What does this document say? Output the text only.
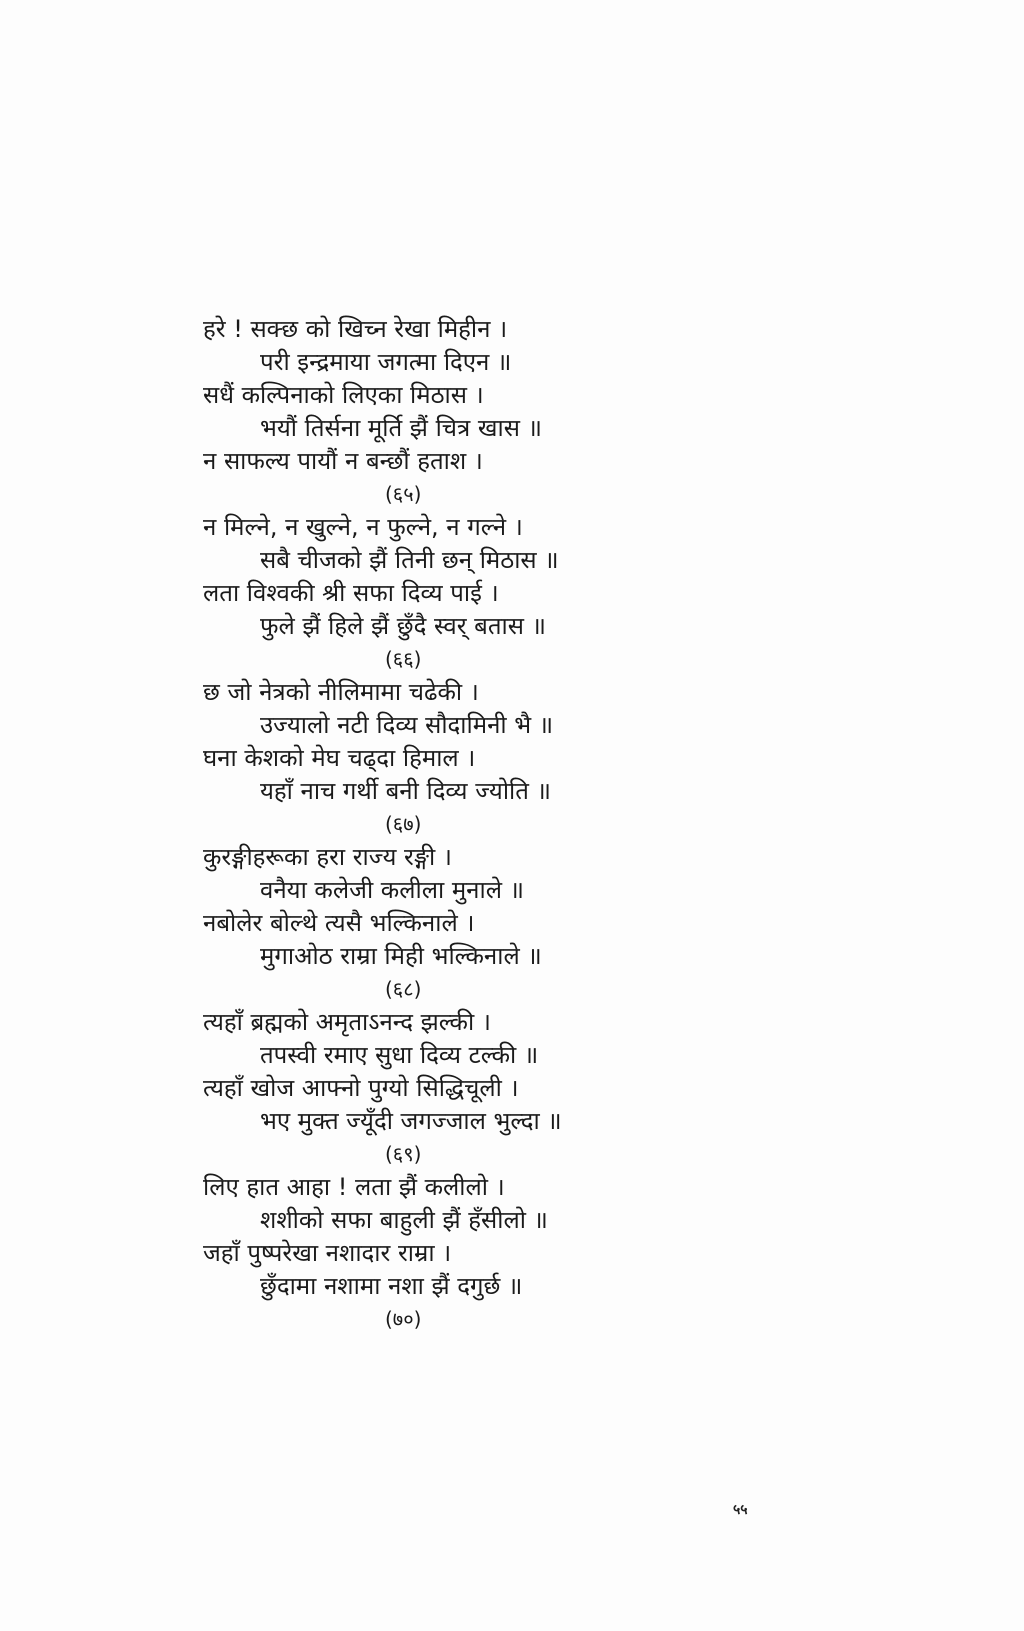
हरे ! सक्छ को खिच्न रेखा मिहीन ।
परी इन्द्रमाया जगत्मा दिएन ॥
सधैं कल्पिनाको लिएका मिठास ।
भयौं तिर्सना मूर्ति झैं चित्र खास ॥
न साफल्य पायौं न बन्छौं हताश ।
(६५)
न मिल्ने, न खुल्ने, न फुल्ने, न गल्ने ।
सबै चीजको झैं तिनी छन् मिठास ॥
लता विश्वकी श्री सफा दिव्य पाई ।
फुले झैं हिले झैं छुँदै स्वर् बतास ॥
(६६)
छ जो नेत्रको नीलिमामा चढेकी ।
उज्यालो नटी दिव्य सौदामिनी भै ॥
घना केशको मेघ चढ्दा हिमाल ।
यहाँ नाच गर्थी बनी दिव्य ज्योति ॥
(६७)
कुरङ्गीहरूका हरा राज्य रङ्गी ।
वनैया कलेजी कलीला मुनाले ॥
नबोलेर बोल्थे त्यसै भल्किनाले ।
मुगाओठ राम्रा मिही भल्किनाले ॥
(६८)
त्यहाँ ब्रह्मको अमृताऽनन्द झल्की ।
तपस्वी रमाए सुधा दिव्य टल्की ॥
त्यहाँ खोज आफ्नो पुग्यो सिद्धिचूली ।
भए मुक्त ज्यूँदी जगज्जाल भुल्दा ॥
(६९)
लिए हात आहा ! लता झैं कलीलो ।
शशीको सफा बाहुली झैं हँसीलो ॥
जहाँ पुष्परेखा नशादार राम्रा ।
छुँदामा नशामा नशा झैं दगुर्छ ॥
(७०)
५५
